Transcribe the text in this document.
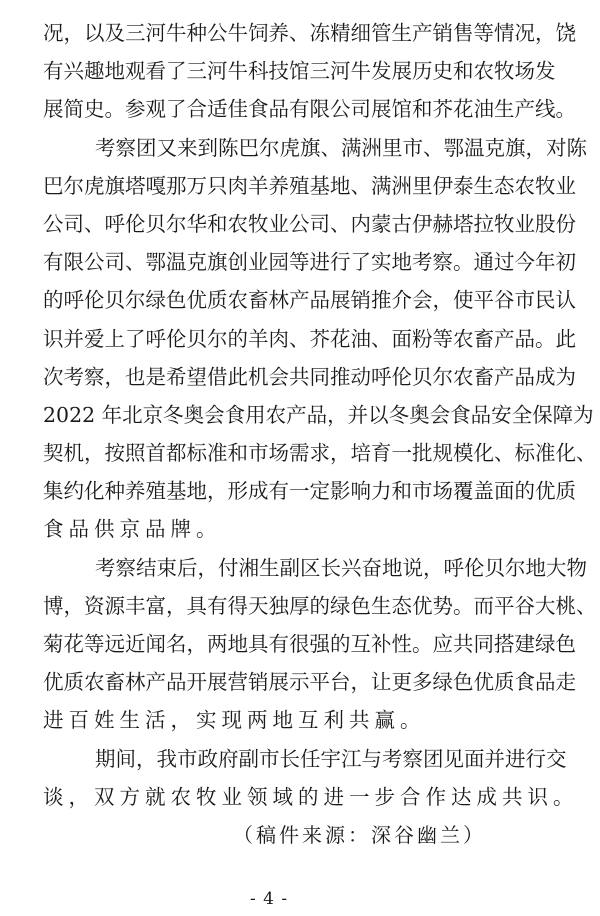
况，以及三河牛种公牛饲养、冻精细管生产销售等情况，饶
有兴趣地观看了三河牛科技馆三河牛发展历史和农牧场发
展简史。参观了合适佳食品有限公司展馆和芥花油生产线。
考察团又来到陈巴尔虎旗、满洲里市、鄂温克旗，对陈
巴尔虎旗塔嘎那万只肉羊养殖基地、满洲里伊泰生态农牧业
公司、呼伦贝尔华和农牧业公司、内蒙古伊赫塔拉牧业股份
有限公司、鄂温克旗创业园等进行了实地考察。通过今年初
的呼伦贝尔绿色优质农畜林产品展销推介会，使平谷市民认
识并爱上了呼伦贝尔的羊肉、芥花油、面粉等农畜产品。此
次考察，也是希望借此机会共同推动呼伦贝尔农畜产品成为
2022 年北京冬奥会食用农产品，并以冬奥会食品安全保障为
契机，按照首都标准和市场需求，培育一批规模化、标准化、
集约化种养殖基地，形成有一定影响力和市场覆盖面的优质
食品供京品牌。
考察结束后，付湘生副区长兴奋地说，呼伦贝尔地大物
博，资源丰富，具有得天独厚的绿色生态优势。而平谷大桃、
菊花等远近闻名，两地具有很强的互补性。应共同搭建绿色
优质农畜林产品开展营销展示平台，让更多绿色优质食品走
进百姓生活，实现两地互利共赢。
期间，我市政府副市长任宇江与考察团见面并进行交
谈，双方就农牧业领域的进一步合作达成共识。
（稿件来源：深谷幽兰）
- 4 -
